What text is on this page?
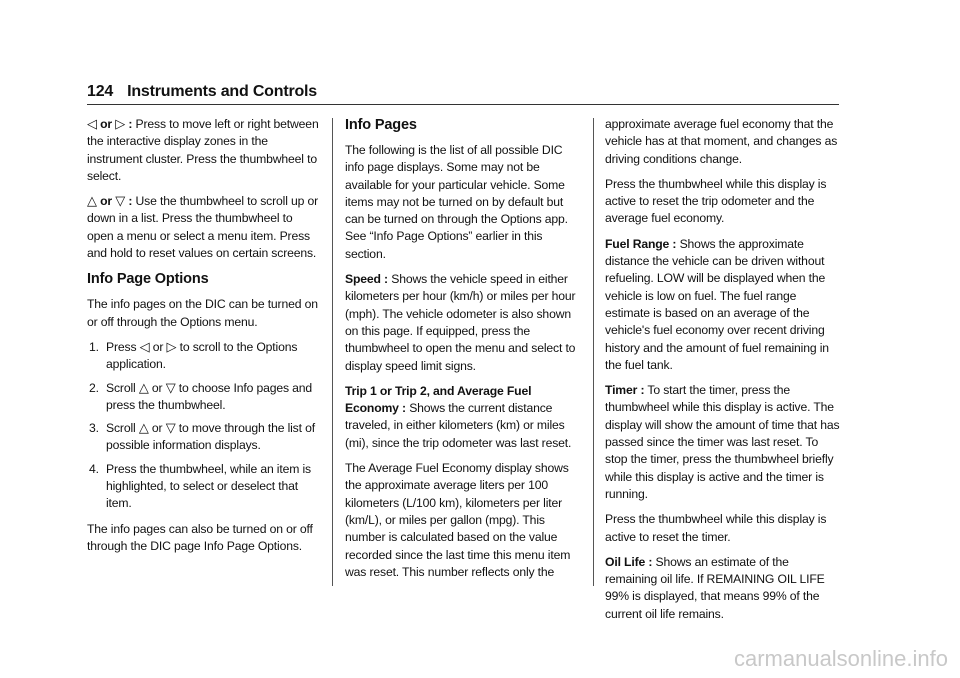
124 Instruments and Controls

◁ or ▷ : Press to move left or right between the interactive display zones in the instrument cluster. Press the thumbwheel to select.

△ or ▽ : Use the thumbwheel to scroll up or down in a list. Press the thumbwheel to open a menu or select a menu item. Press and hold to reset values on certain screens.

Info Page Options

The info pages on the DIC can be turned on or off through the Options menu.

1. Press ◁ or ▷ to scroll to the Options application.
2. Scroll △ or ▽ to choose Info pages and press the thumbwheel.
3. Scroll △ or ▽ to move through the list of possible information displays.
4. Press the thumbwheel, while an item is highlighted, to select or deselect that item.

The info pages can also be turned on or off through the DIC page Info Page Options.

Info Pages

The following is the list of all possible DIC info page displays. Some may not be available for your particular vehicle. Some items may not be turned on by default but can be turned on through the Options app. See “Info Page Options” earlier in this section.

Speed : Shows the vehicle speed in either kilometers per hour (km/h) or miles per hour (mph). The vehicle odometer is also shown on this page. If equipped, press the thumbwheel to open the menu and select to display speed limit signs.

Trip 1 or Trip 2, and Average Fuel Economy : Shows the current distance traveled, in either kilometers (km) or miles (mi), since the trip odometer was last reset.

The Average Fuel Economy display shows the approximate average liters per 100 kilometers (L/100 km), kilometers per liter (km/L), or miles per gallon (mpg). This number is calculated based on the value recorded since the last time this menu item was reset. This number reflects only the

approximate average fuel economy that the vehicle has at that moment, and changes as driving conditions change.

Press the thumbwheel while this display is active to reset the trip odometer and the average fuel economy.

Fuel Range : Shows the approximate distance the vehicle can be driven without refueling. LOW will be displayed when the vehicle is low on fuel. The fuel range estimate is based on an average of the vehicle's fuel economy over recent driving history and the amount of fuel remaining in the fuel tank.

Timer : To start the timer, press the thumbwheel while this display is active. The display will show the amount of time that has passed since the timer was last reset. To stop the timer, press the thumbwheel briefly while this display is active and the timer is running.

Press the thumbwheel while this display is active to reset the timer.

Oil Life : Shows an estimate of the remaining oil life. If REMAINING OIL LIFE 99% is displayed, that means 99% of the current oil life remains.

carmanualsonline.info
